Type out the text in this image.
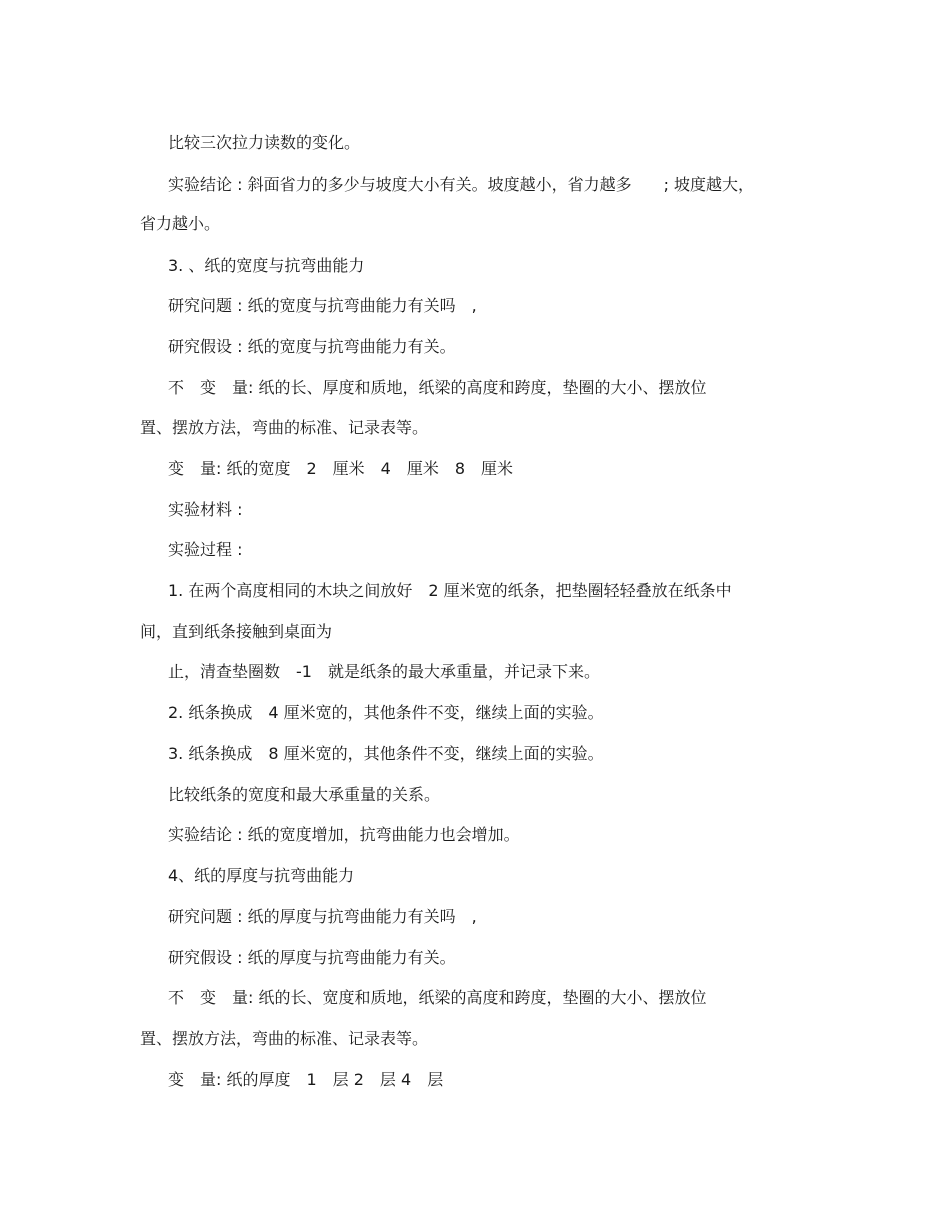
比较三次拉力读数的变化。
实验结论 : 斜面省力的多少与坡度大小有关。坡度越小，省力越多　　; 坡度越大，
省力越小。
3. 、纸的宽度与抗弯曲能力
研究问题 : 纸的宽度与抗弯曲能力有关吗　,
研究假设 : 纸的宽度与抗弯曲能力有关。
不　变　量: 纸的长、厚度和质地，纸梁的高度和跨度，垫圈的大小、摆放位
置、摆放方法，弯曲的标准、记录表等。
变　量: 纸的宽度　2　厘米　4　厘米　8　厘米
实验材料 :
实验过程 :
1. 在两个高度相同的木块之间放好　2 厘米宽的纸条，把垫圈轻轻叠放在纸条中
间，直到纸条接触到桌面为
止，清查垫圈数　-1　就是纸条的最大承重量，并记录下来。
2. 纸条换成　4 厘米宽的，其他条件不变，继续上面的实验。
3. 纸条换成　8 厘米宽的，其他条件不变，继续上面的实验。
比较纸条的宽度和最大承重量的关系。
实验结论 : 纸的宽度增加，抗弯曲能力也会增加。
4、纸的厚度与抗弯曲能力
研究问题 : 纸的厚度与抗弯曲能力有关吗　,
研究假设 : 纸的厚度与抗弯曲能力有关。
不　变　量: 纸的长、宽度和质地，纸梁的高度和跨度，垫圈的大小、摆放位
置、摆放方法，弯曲的标准、记录表等。
变　量: 纸的厚度　1　层 2　层 4　层
